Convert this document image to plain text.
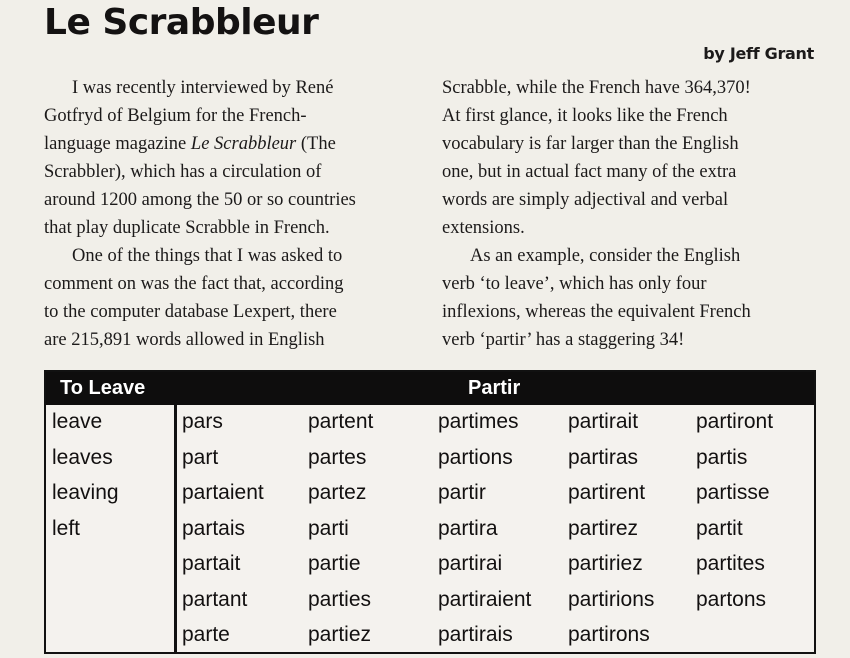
Le Scrabbleur
by Jeff Grant

I was recently interviewed by René
Gotfryd of Belgium for the French-
language magazine Le Scrabbleur (The
Scrabbler), which has a circulation of
around 1200 among the 50 or so countries
that play duplicate Scrabble in French.

One of the things that I was asked to
comment on was the fact that, according
to the computer database Lexpert, there
are 215,891 words allowed in English

Scrabble, while the French have 364,370!
At first glance, it looks like the French
vocabulary is far larger than the English
one, but in actual fact many of the extra
words are simply adjectival and verbal
extensions.

As an example, consider the English
verb ‘to leave’, which has only four
inflexions, whereas the equivalent French
verb ‘partir’ has a staggering 34!

To Leave	Partir
leave
leaves
leaving
left
pars
part
partaient
partais
partait
partant
parte
partent
partes
partez
parti
partie
parties
partiez
partimes
partions
partir
partira
partirai
partiraient
partirais
partirait
partiras
partirent
partirez
partiriez
partirions
partirons
partiront
partis
partisse
partit
partites
partons
